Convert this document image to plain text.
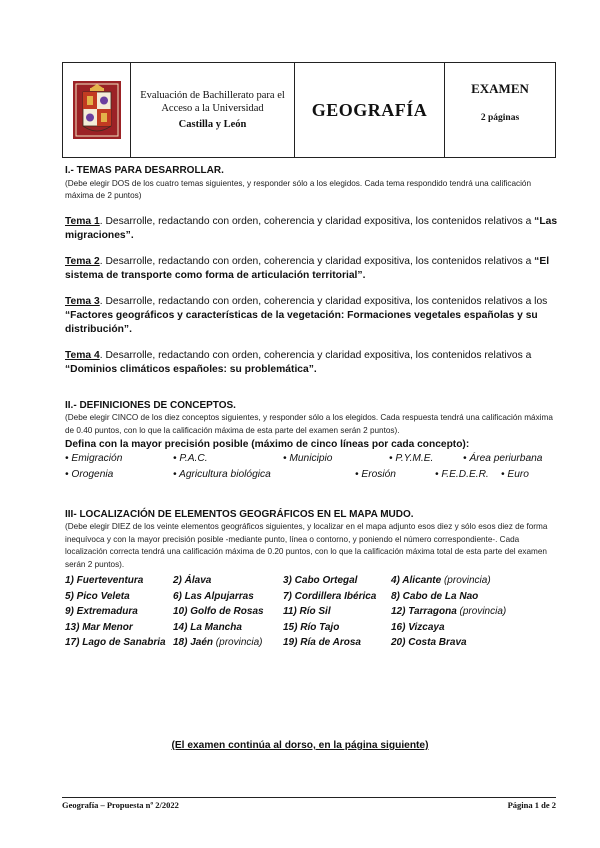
Evaluación de Bachillerato para el
Acceso a la Universidad
Castilla y León
GEOGRAFÍA
EXAMEN
2 páginas
I.- TEMAS PARA DESARROLLAR.
(Debe elegir DOS de los cuatro temas siguientes, y responder sólo a los elegidos. Cada tema respondido tendrá una calificación máxima de 2 puntos)
Tema 1. Desarrolle, redactando con orden, coherencia y claridad expositiva, los contenidos relativos a “Las migraciones”.
Tema 2. Desarrolle, redactando con orden, coherencia y claridad expositiva, los contenidos relativos a “El sistema de transporte como forma de articulación territorial”.
Tema 3. Desarrolle, redactando con orden, coherencia y claridad expositiva, los contenidos relativos a los “Factores geográficos y características de la vegetación: Formaciones vegetales españolas y su distribución”.
Tema 4. Desarrolle, redactando con orden, coherencia y claridad expositiva, los contenidos relativos a “Dominios climáticos españoles: su problemática”.
II.- DEFINICIONES DE CONCEPTOS.
(Debe elegir CINCO de los diez conceptos siguientes, y responder sólo a los elegidos. Cada respuesta tendrá una calificación máxima de 0.40 puntos, con lo que la calificación máxima de esta parte del examen serán 2 puntos).
Defina con la mayor precisión posible (máximo de cinco líneas por cada concepto):
• Emigración	• P.A.C.	• Municipio	• P.Y.M.E.	• Área periurbana
• Orogenia	• Agricultura biológica	• Erosión	• F.E.D.E.R. • Euro
III- LOCALIZACIÓN DE ELEMENTOS GEOGRÁFICOS EN EL MAPA MUDO.
(Debe elegir DIEZ de los veinte elementos geográficos siguientes, y localizar en el mapa adjunto esos diez y sólo esos diez de forma inequívoca y con la mayor precisión posible -mediante punto, línea o contorno, y poniendo el número correspondiente-. Cada localización correcta tendrá una calificación máxima de 0.20 puntos, con lo que la calificación máxima total de esta parte del examen serán 2 puntos).
1) Fuerteventura	2) Álava	3) Cabo Ortegal	4) Alicante (provincia)
5) Pico Veleta	6) Las Alpujarras	7) Cordillera Ibérica 8) Cabo de La Nao
9) Extremadura	10) Golfo de Rosas 11) Río Sil	12) Tarragona (provincia)
13) Mar Menor	14) La Mancha	15) Río Tajo	16) Vizcaya
17) Lago de Sanabria 18) Jaén (provincia) 19) Ría de Arosa	20) Costa Brava
(El examen continúa al dorso, en la página siguiente)
Geografía – Propuesta nº 2/2022	Página 1 de 2
